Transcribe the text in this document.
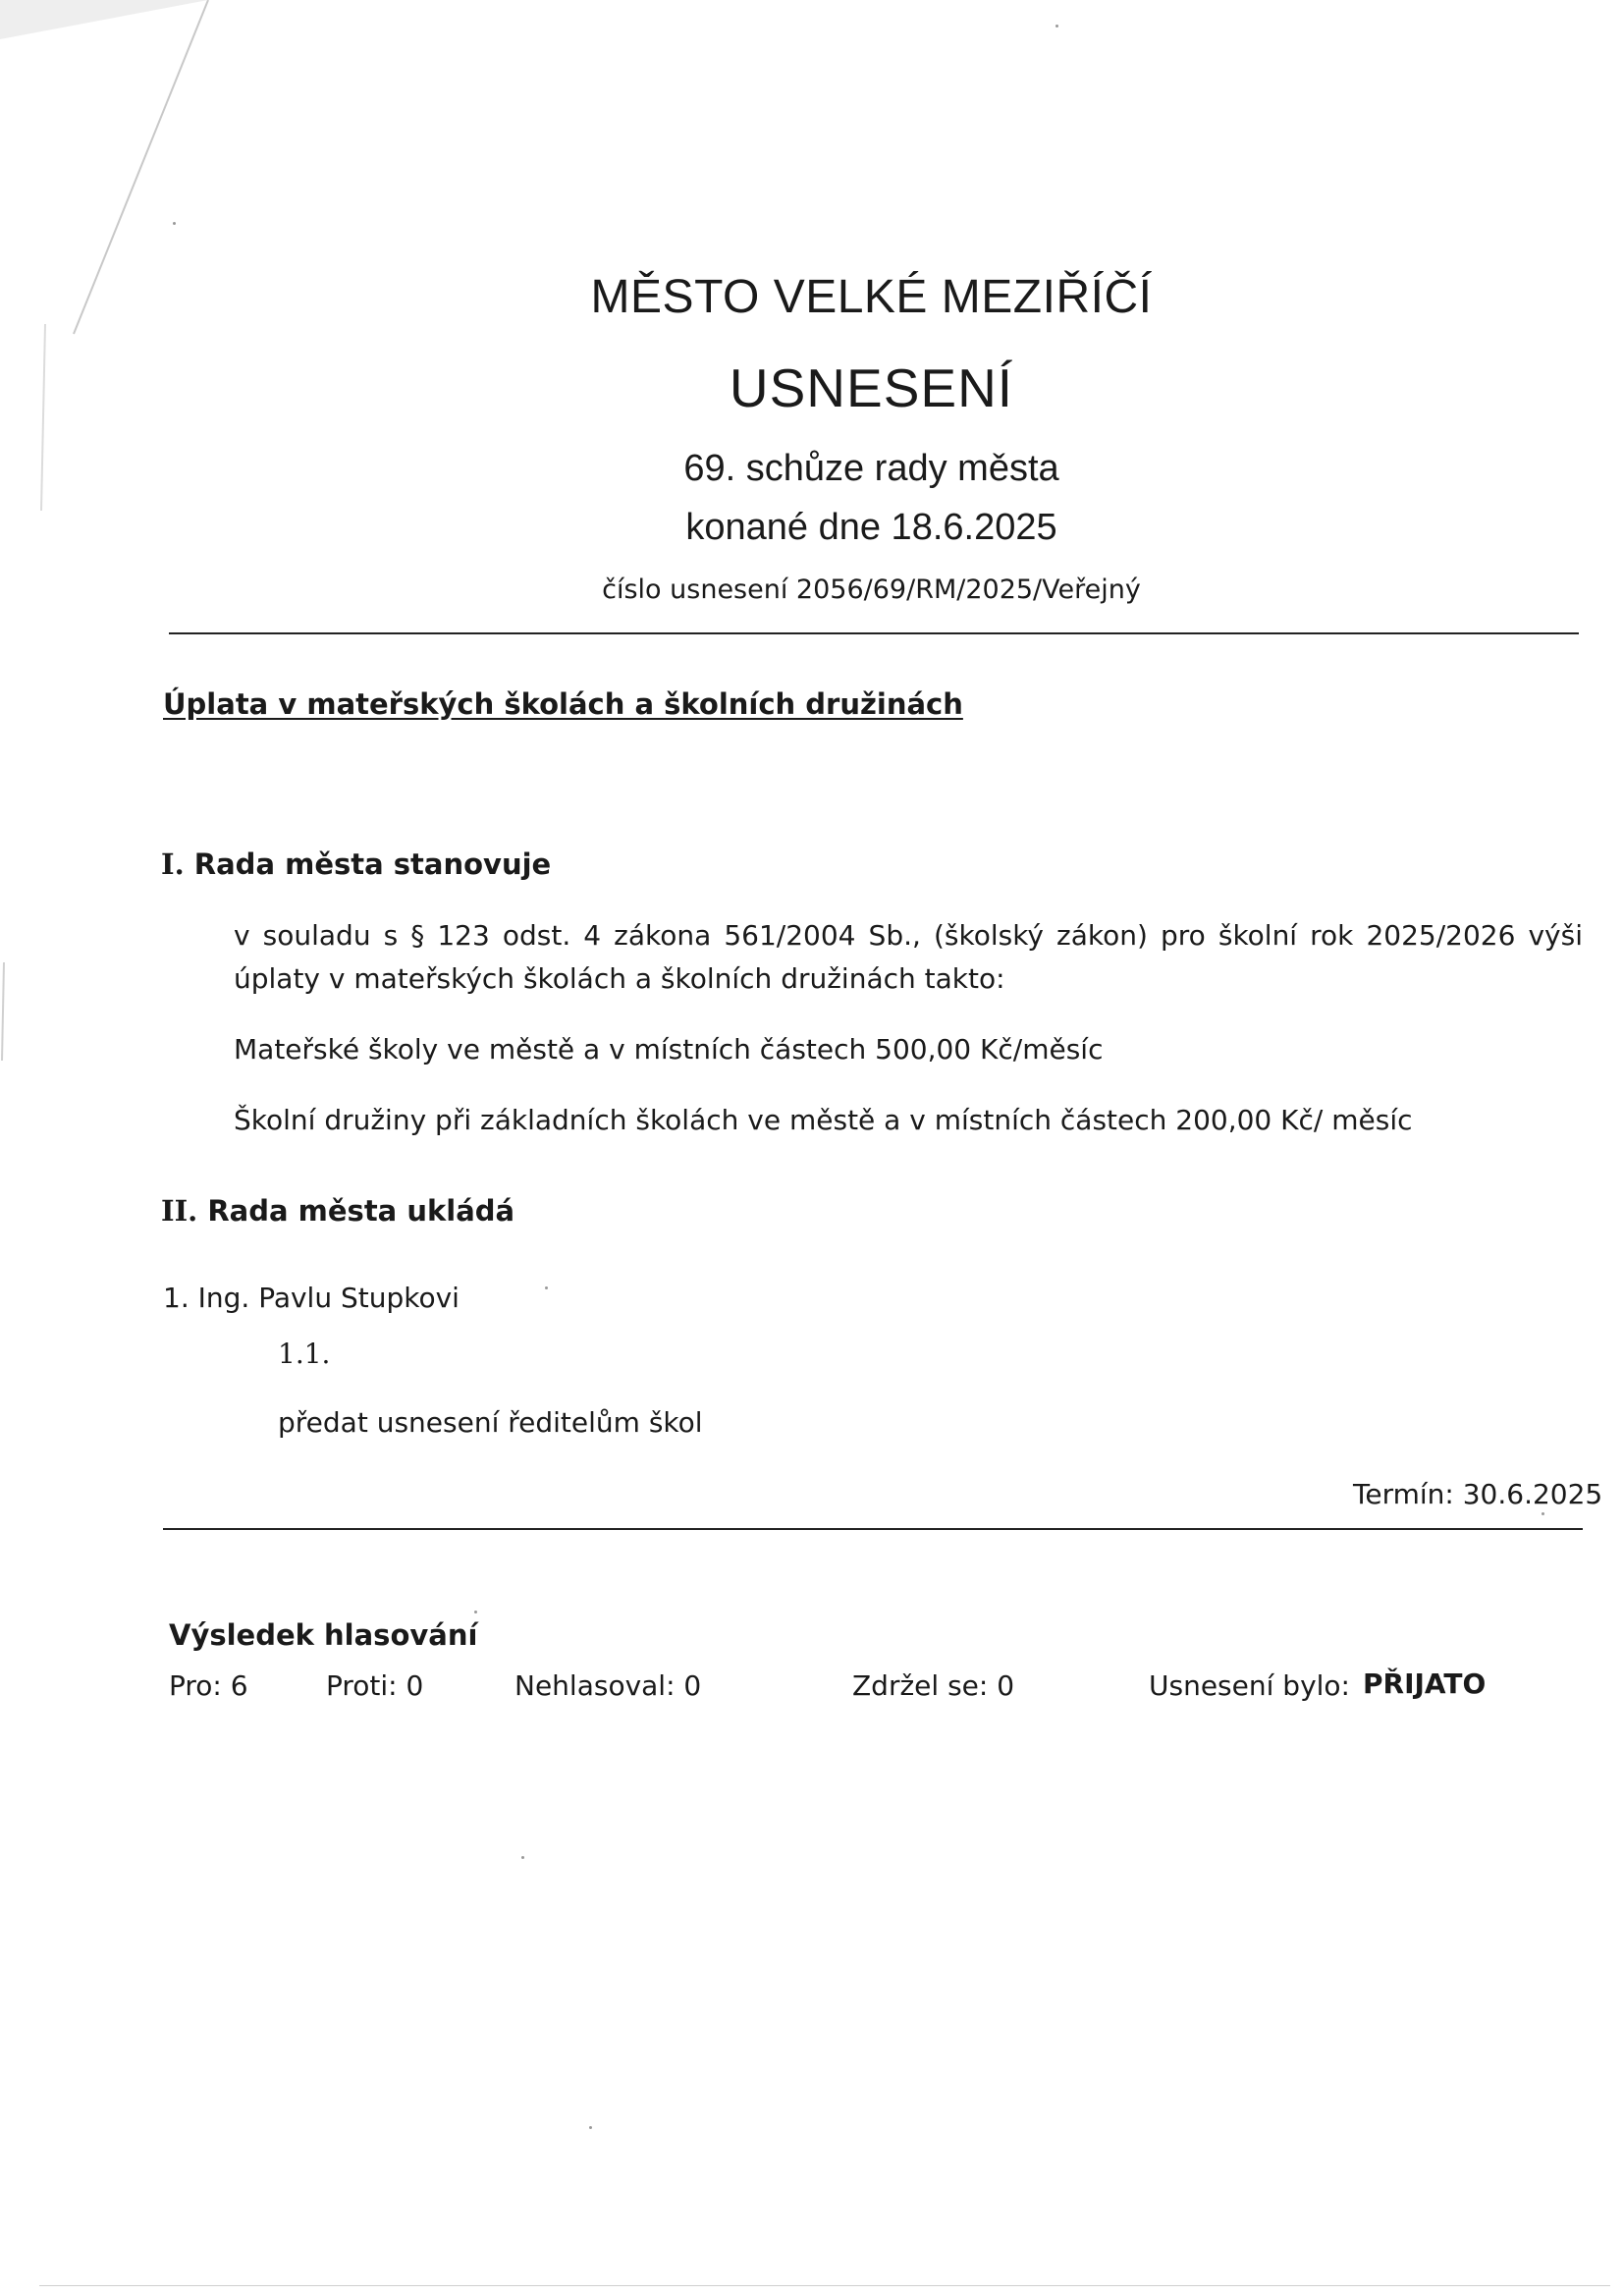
MĚSTO VELKÉ MEZIŘÍČÍ
USNESENÍ
69. schůze rady města
konané dne 18.6.2025
číslo usnesení 2056/69/RM/2025/Veřejný
Úplata v mateřských školách a školních družinách
I. Rada města stanovuje
v souladu s § 123 odst. 4 zákona 561/2004 Sb., (školský zákon) pro školní rok 2025/2026 výši úplaty v mateřských školách a školních družinách takto:
Mateřské školy ve městě a v místních částech 500,00 Kč/měsíc
Školní družiny při základních školách ve městě a v místních částech 200,00 Kč/ měsíc
II. Rada města ukládá
1. Ing. Pavlu Stupkovi
1.1.
předat usnesení ředitelům škol
Termín: 30.6.2025
Výsledek hlasování
Pro: 6	Proti: 0	Nehlasoval: 0	Zdržel se: 0	Usnesení bylo: PŘIJATO
